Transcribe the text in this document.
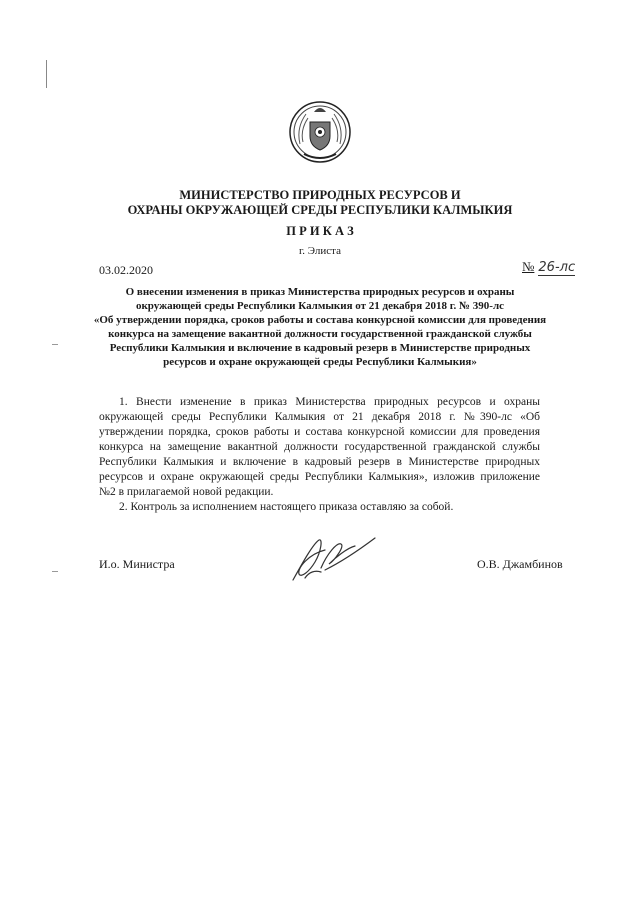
МИНИСТЕРСТВО ПРИРОДНЫХ РЕСУРСОВ И
ОХРАНЫ ОКРУЖАЮЩЕЙ СРЕДЫ РЕСПУБЛИКИ КАЛМЫКИЯ
П Р И К А З
г. Элиста
03.02.2020	№ 26-лс
О внесении изменения в приказ Министерства природных ресурсов и охраны
окружающей среды Республики Калмыкия от 21 декабря 2018 г. № 390-лс
«Об утверждении порядка, сроков работы и состава конкурсной комиссии для проведения
конкурса на замещение вакантной должности государственной гражданской службы
Республики Калмыкия и включение в кадровый резерв в Министерстве природных
ресурсов и охране окружающей среды Республики Калмыкия»
1. Внести изменение в приказ Министерства природных ресурсов и охраны
окружающей среды Республики Калмыкия от 21 декабря 2018 г. №390-лс «Об
утверждении порядка, сроков работы и состава конкурсной комиссии для проведения
конкурса на замещение вакантной должности государственной гражданской службы
Республики Калмыкия и включение в кадровый резерв в Министерстве природных
ресурсов и охране окружающей среды Республики Калмыкия», изложив приложение
№2 в прилагаемой новой редакции.
2. Контроль за исполнением настоящего приказа оставляю за собой.
И.о. Министра	О.В. Джамбинов
